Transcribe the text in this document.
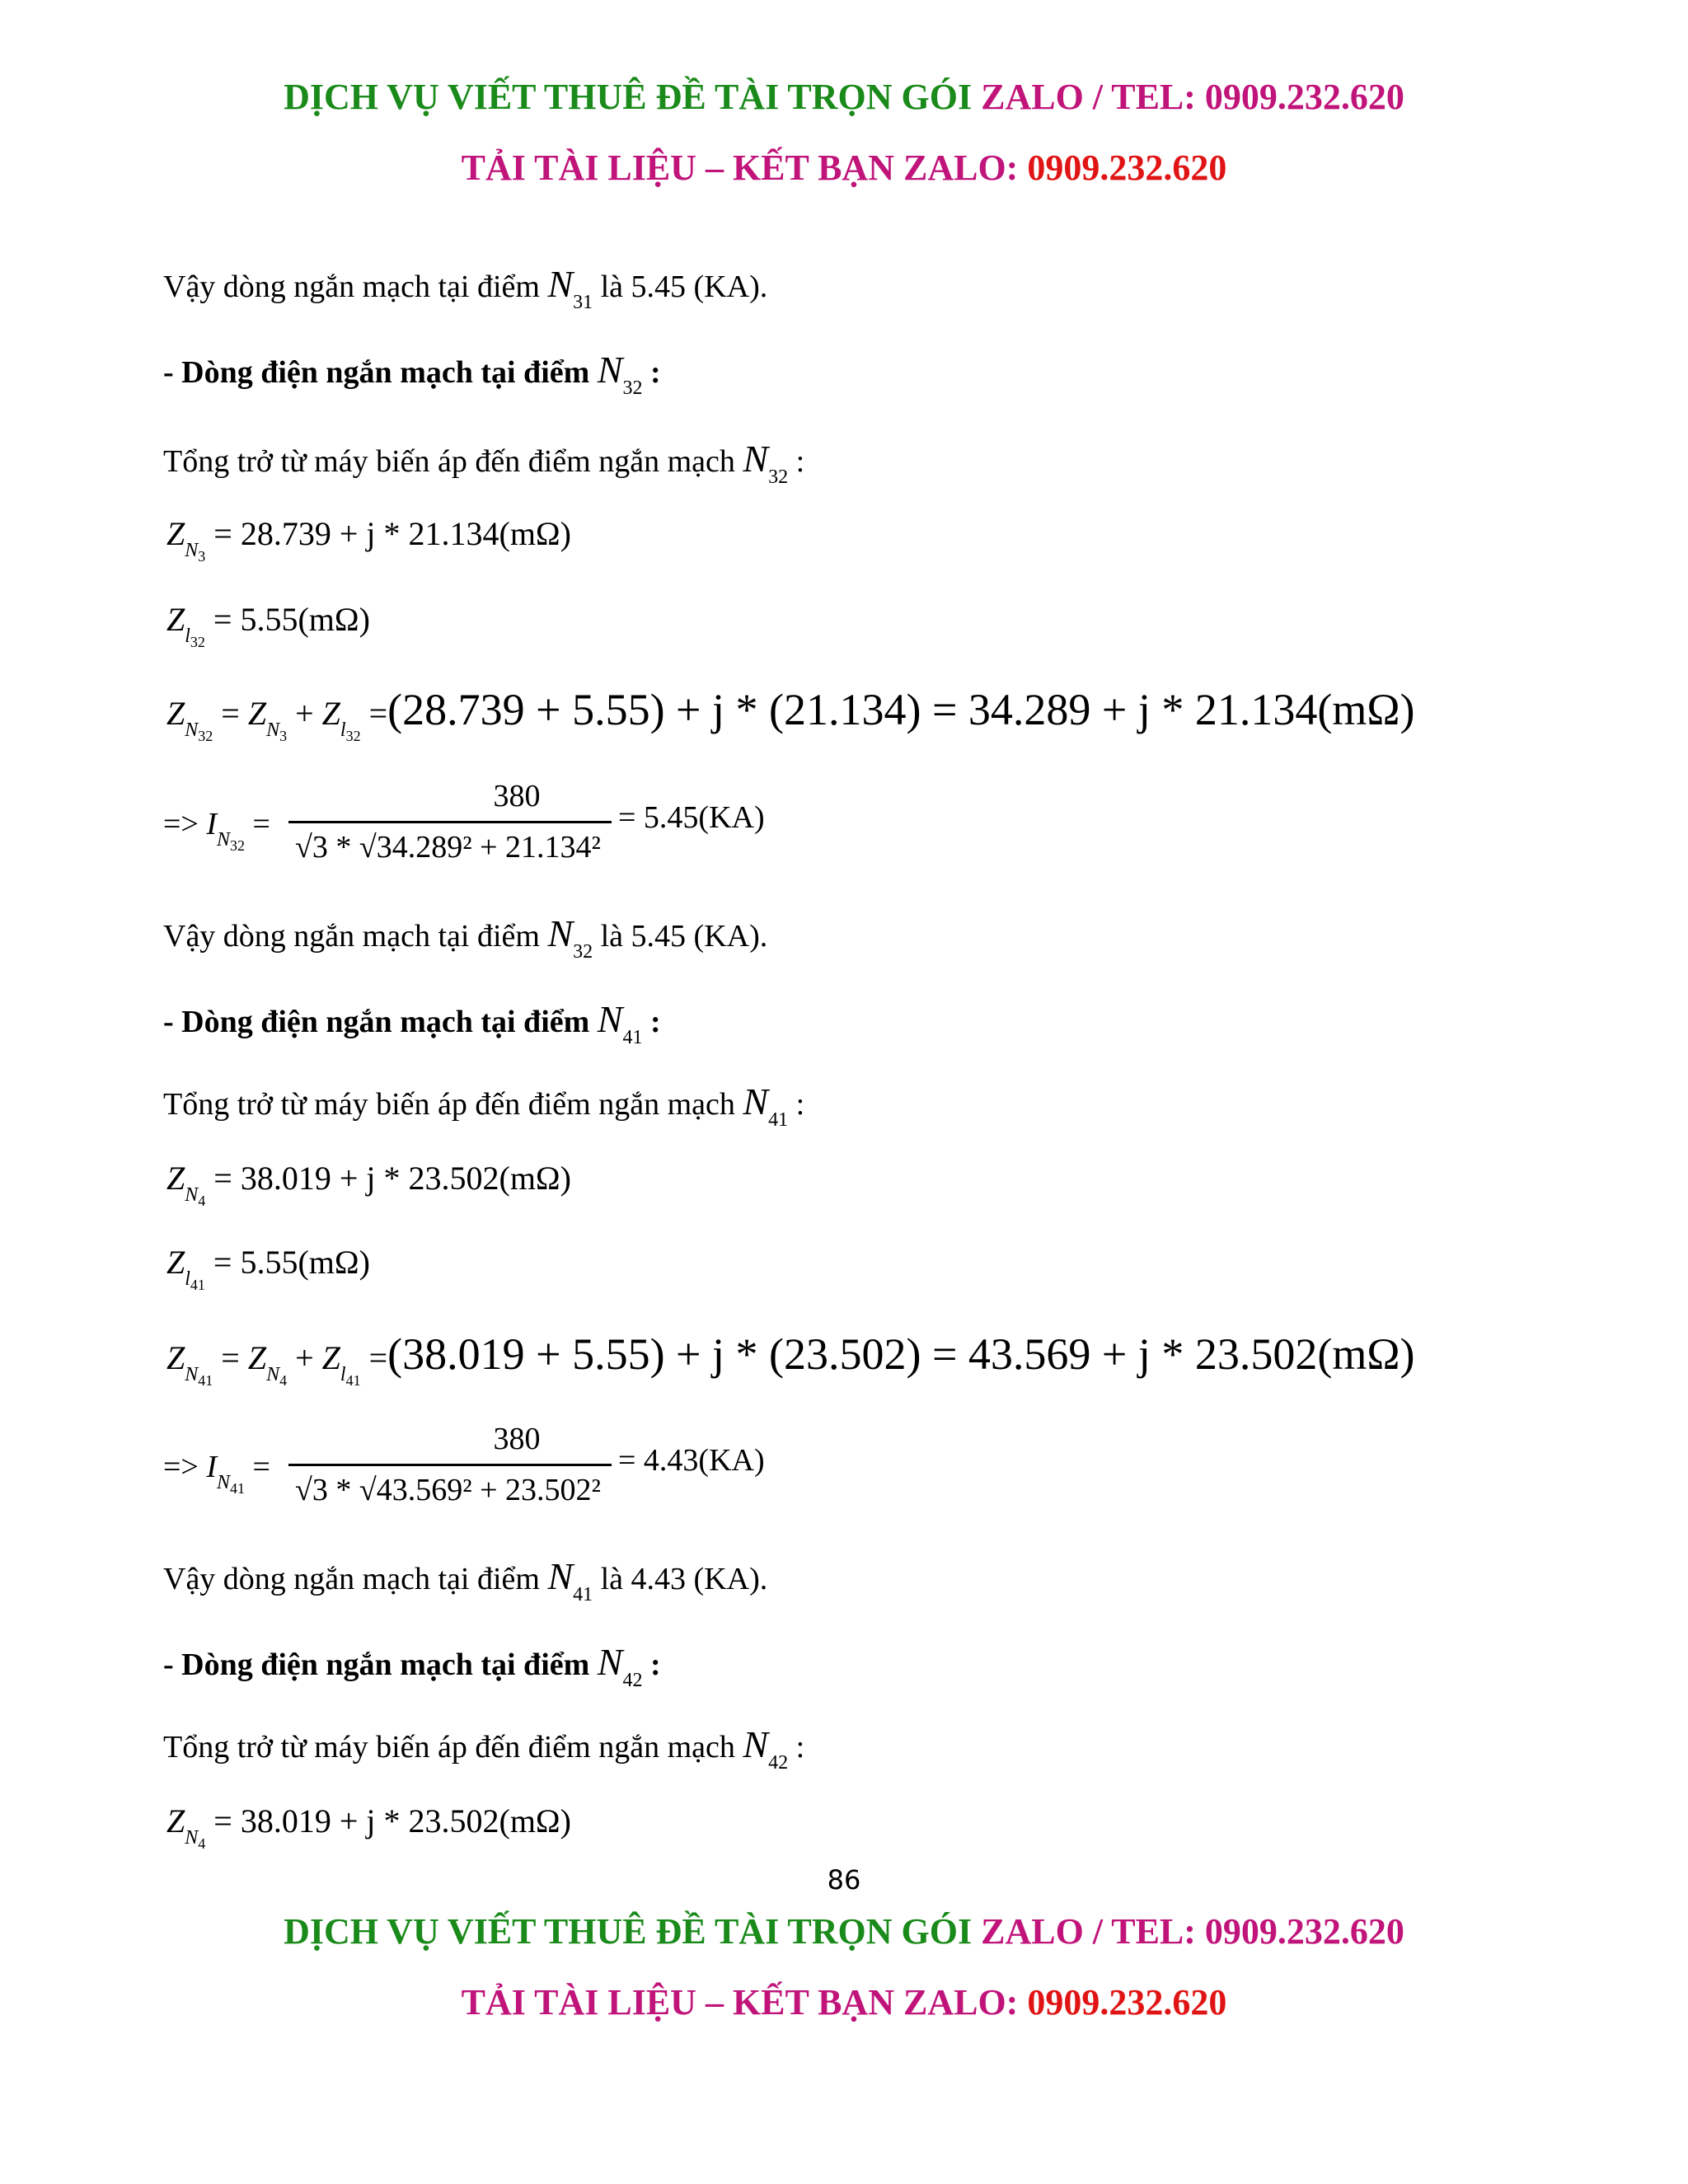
DỊCH VỤ VIẾT THUÊ ĐỀ TÀI TRỌN GÓI ZALO / TEL: 0909.232.620
TẢI TÀI LIỆU – KẾT BẠN ZALO: 0909.232.620
Vậy dòng ngắn mạch tại điểm $N_{31}$ là 5.45 (KA).
- Dòng điện ngắn mạch tại điểm $N_{32}$ :
Tổng trở từ máy biến áp đến điểm ngắn mạch $N_{32}$ :
$Z_{N_3} = 28.739 + j * 21.134(m\Omega)$
$Z_{l_{32}} = 5.55(m\Omega)$
$Z_{N_{32}} = Z_{N_3} + Z_{l_{32}} =(28.739 + 5.55) + j * (21.134) = 34.289 + j * 21.134(m\Omega)$
=> $I_{N_{32}}$ =
380
√3 * √34.289² + 21.134²
= 5.45(KA)
Vậy dòng ngắn mạch tại điểm $N_{32}$ là 5.45 (KA).
- Dòng điện ngắn mạch tại điểm $N_{41}$ :
Tổng trở từ máy biến áp đến điểm ngắn mạch $N_{41}$ :
$Z_{N_4} = 38.019 + j * 23.502(m\Omega)$
$Z_{l_{41}} = 5.55(m\Omega)$
$Z_{N_{41}} = Z_{N_4} + Z_{l_{41}} =(38.019 + 5.55) + j * (23.502) = 43.569 + j * 23.502(m\Omega)$
=> $I_{N_{41}}$ =
380
√3 * √43.569² + 23.502²
= 4.43(KA)
Vậy dòng ngắn mạch tại điểm $N_{41}$ là 4.43 (KA).
- Dòng điện ngắn mạch tại điểm $N_{42}$ :
Tổng trở từ máy biến áp đến điểm ngắn mạch $N_{42}$ :
$Z_{N_4} = 38.019 + j * 23.502(m\Omega)$
86
DỊCH VỤ VIẾT THUÊ ĐỀ TÀI TRỌN GÓI ZALO / TEL: 0909.232.620
TẢI TÀI LIỆU – KẾT BẠN ZALO: 0909.232.620
